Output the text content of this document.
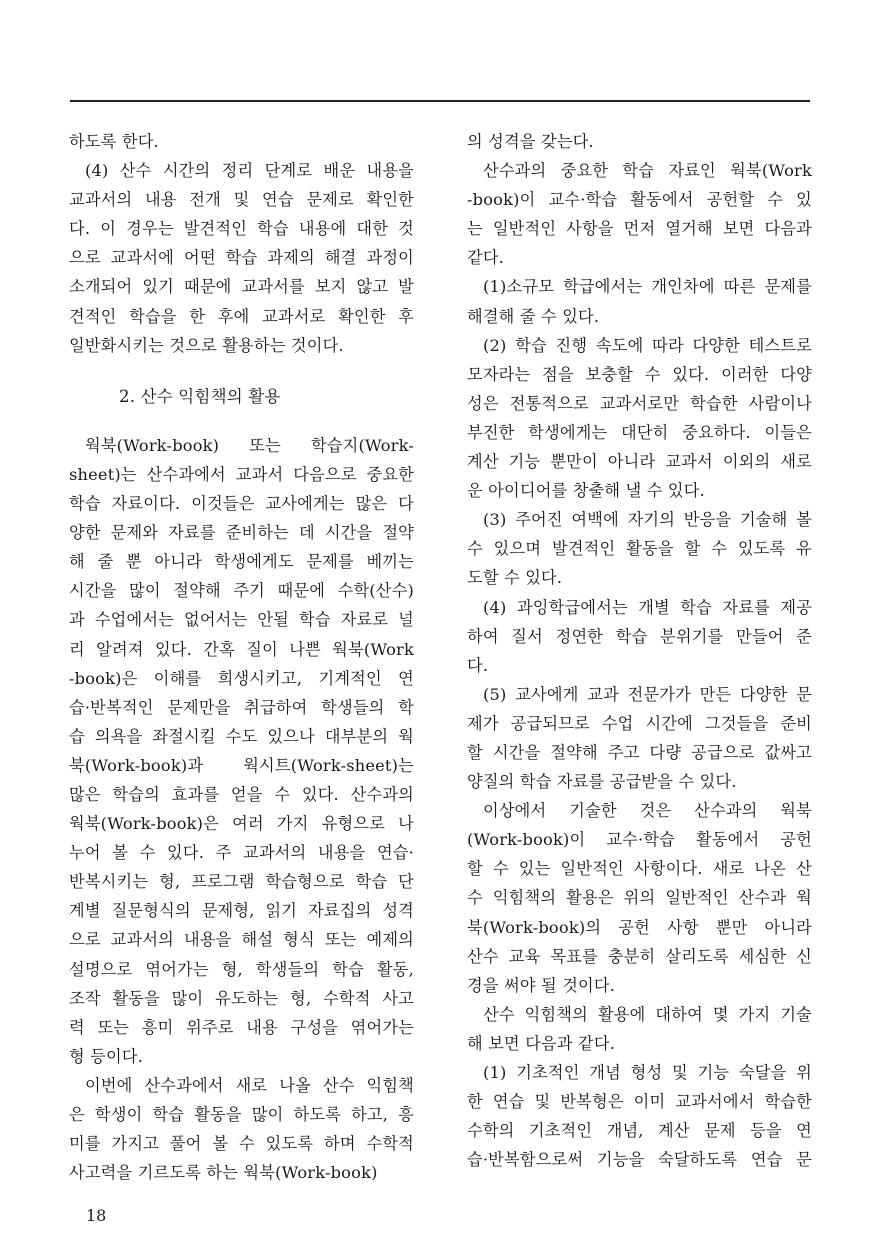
하도록 한다.
(4) 산수 시간의 정리 단계로 배운 내용을
교과서의 내용 전개 및 연습 문제로 확인한
다. 이 경우는 발견적인 학습 내용에 대한 것
으로 교과서에 어떤 학습 과제의 해결 과정이
소개되어 있기 때문에 교과서를 보지 않고 발
견적인 학습을 한 후에 교과서로 확인한 후
일반화시키는 것으로 활용하는 것이다.
2. 산수 익힘책의 활용
웍북(Work-book) 또는 학습지(Work-
sheet)는 산수과에서 교과서 다음으로 중요한
학습 자료이다. 이것들은 교사에게는 많은 다
양한 문제와 자료를 준비하는 데 시간을 절약
해 줄 뿐 아니라 학생에게도 문제를 베끼는
시간을 많이 절약해 주기 때문에 수학(산수)
과 수업에서는 없어서는 안될 학습 자료로 널
리 알려져 있다. 간혹 질이 나쁜 웍북(Work
-book)은 이해를 희생시키고, 기계적인 연
습·반복적인 문제만을 취급하여 학생들의 학
습 의욕을 좌절시킬 수도 있으나 대부분의 웍
북(Work-book)과 웍시트(Work-sheet)는
많은 학습의 효과를 얻을 수 있다. 산수과의
웍북(Work-book)은 여러 가지 유형으로 나
누어 볼 수 있다. 주 교과서의 내용을 연습·
반복시키는 형, 프로그램 학습형으로 학습 단
계별 질문형식의 문제형, 읽기 자료집의 성격
으로 교과서의 내용을 해설 형식 또는 예제의
설명으로 엮어가는 형, 학생들의 학습 활동,
조작 활동을 많이 유도하는 형, 수학적 사고
력 또는 흥미 위주로 내용 구성을 엮어가는
형 등이다.
이번에 산수과에서 새로 나올 산수 익힘책
은 학생이 학습 활동을 많이 하도록 하고, 흥
미를 가지고 풀어 볼 수 있도록 하며 수학적
사고력을 기르도록 하는 웍북(Work-book)
의 성격을 갖는다.
산수과의 중요한 학습 자료인 웍북(Work
-book)이 교수·학습 활동에서 공헌할 수 있
는 일반적인 사항을 먼저 열거해 보면 다음과
같다.
(1)소규모 학급에서는 개인차에 따른 문제를
해결해 줄 수 있다.
(2) 학습 진행 속도에 따라 다양한 테스트로
모자라는 점을 보충할 수 있다. 이러한 다양
성은 전통적으로 교과서로만 학습한 사람이나
부진한 학생에게는 대단히 중요하다. 이들은
계산 기능 뿐만이 아니라 교과서 이외의 새로
운 아이디어를 창출해 낼 수 있다.
(3) 주어진 여백에 자기의 반응을 기술해 볼
수 있으며 발견적인 활동을 할 수 있도록 유
도할 수 있다.
(4) 과잉학급에서는 개별 학습 자료를 제공
하여 질서 정연한 학습 분위기를 만들어 준
다.
(5) 교사에게 교과 전문가가 만든 다양한 문
제가 공급되므로 수업 시간에 그것들을 준비
할 시간을 절약해 주고 다량 공급으로 값싸고
양질의 학습 자료를 공급받을 수 있다.
이상에서 기술한 것은 산수과의 웍북
(Work-book)이 교수·학습 활동에서 공헌
할 수 있는 일반적인 사항이다. 새로 나온 산
수 익힘책의 활용은 위의 일반적인 산수과 웍
북(Work-book)의 공헌 사항 뿐만 아니라
산수 교육 목표를 충분히 살리도록 세심한 신
경을 써야 될 것이다.
산수 익힘책의 활용에 대하여 몇 가지 기술
해 보면 다음과 같다.
(1) 기초적인 개념 형성 및 기능 숙달을 위
한 연습 및 반복형은 이미 교과서에서 학습한
수학의 기초적인 개념, 계산 문제 등을 연
습·반복함으로써 기능을 숙달하도록 연습 문
18
